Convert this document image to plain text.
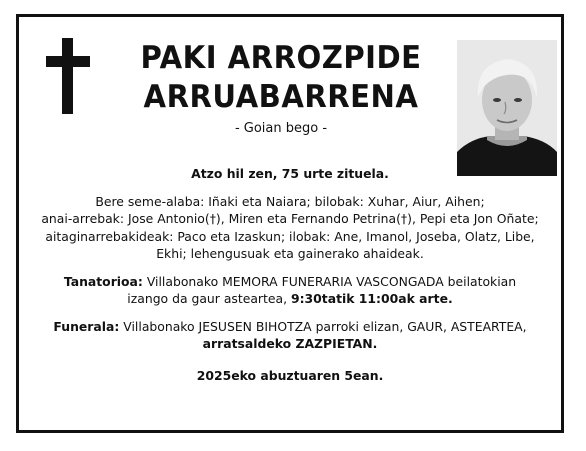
PAKI ARROZPIDE
ARRUABARRENA
- Goian bego -

Atzo hil zen, 75 urte zituela.

Bere seme-alaba: Iñaki eta Naiara; bilobak: Xuhar, Aiur, Aihen;
anai-arrebak: Jose Antonio(†), Miren eta Fernando Petrina(†), Pepi eta Jon Oñate;
aitaginarrebakideak: Paco eta Izaskun; ilobak: Ane, Imanol, Joseba, Olatz, Libe,
Ekhi; lehengusuak eta gainerako ahaideak.

Tanatorioa: Villabonako MEMORA FUNERARIA VASCONGADA beilatokian
izango da gaur asteartea, 9:30tatik 11:00ak arte.

Funerala: Villabonako JESUSEN BIHOTZA parroki elizan, GAUR, ASTEARTEA,
arratsaldeko ZAZPIETAN.

2025eko abuztuaren 5ean.
